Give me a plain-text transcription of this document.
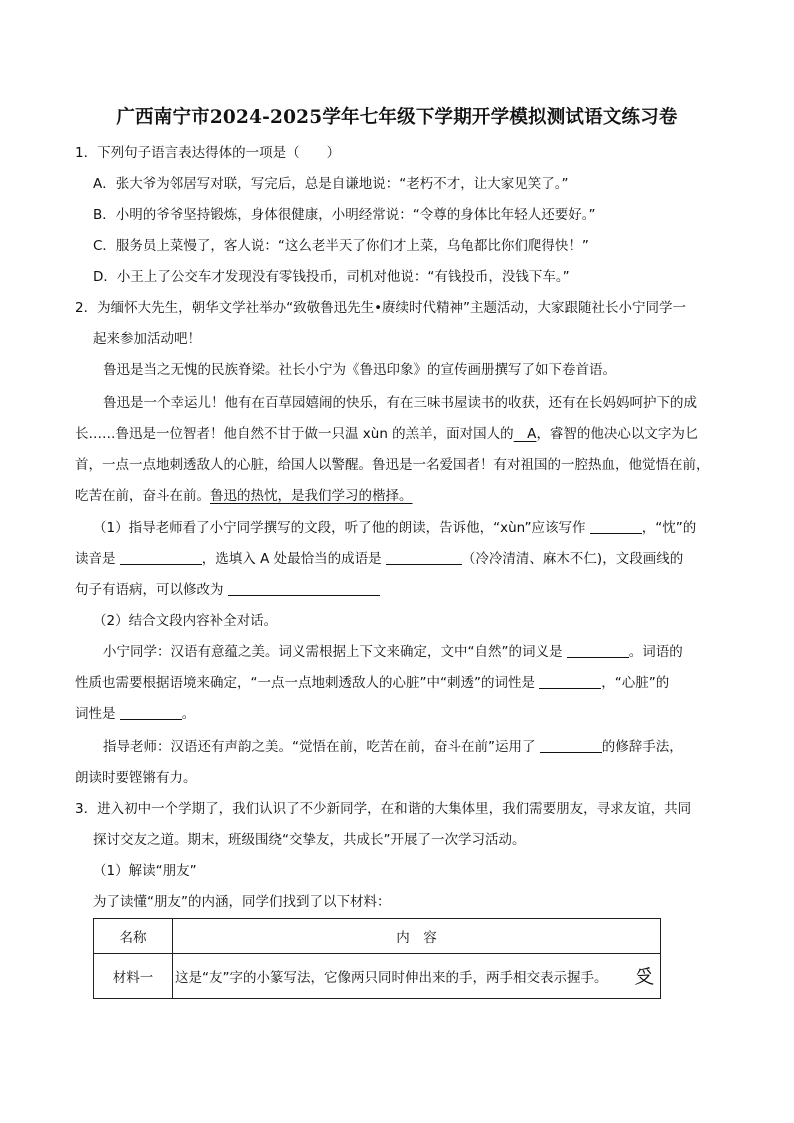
广西南宁市2024-2025学年七年级下学期开学模拟测试语文练习卷
1．下列句子语言表达得体的一项是（　　）
A．张大爷为邻居写对联，写完后，总是自谦地说：“老朽不才，让大家见笑了。”
B．小明的爷爷坚持锻炼，身体很健康，小明经常说：“令尊的身体比年轻人还要好。”
C．服务员上菜慢了，客人说：“这么老半天了你们才上菜，乌龟都比你们爬得快！”
D．小王上了公交车才发现没有零钱投币，司机对他说：“有钱投币，没钱下车。”
2．为缅怀大先生，朝华文学社举办“致敬鲁迅先生•赓续时代精神”主题活动，大家跟随社长小宁同学一
起来参加活动吧！
鲁迅是当之无愧的民族脊梁。社长小宁为《鲁迅印象》的宣传画册撰写了如下卷首语。
鲁迅是一个幸运儿！他有在百草园嬉闹的快乐，有在三味书屋读书的收获，还有在长妈妈呵护下的成
长……鲁迅是一位智者！他自然不甘于做一只温 xùn 的羔羊，面对国人的　A，睿智的他决心以文字为匕
首，一点一点地刺透敌人的心脏，给国人以警醒。鲁迅是一名爱国者！有对祖国的一腔热血，他觉悟在前，
吃苦在前，奋斗在前。鲁迅的热忱，是我们学习的楷择。
（1）指导老师看了小宁同学撰写的文段，听了他的朗读，告诉他，“xùn”应该写作	，“忱”的
读音是	，选填入 A 处最恰当的成语是	（冷冷清清、麻木不仁)，文段画线的
句子有语病，可以修改为
（2）结合文段内容补全对话。
小宁同学：汉语有意蕴之美。词义需根据上下文来确定，文中“自然”的词义是	。词语的
性质也需要根据语境来确定，“一点一点地刺透敌人的心脏”中“刺透”的词性是	，“心脏”的
词性是	。
指导老师：汉语还有声韵之美。“觉悟在前，吃苦在前，奋斗在前”运用了	的修辞手法，
朗读时要铿锵有力。
3．进入初中一个学期了，我们认识了不少新同学，在和谐的大集体里，我们需要朋友，寻求友谊，共同
探讨交友之道。期末，班级围绕“交挚友，共成长”开展了一次学习活动。
（1）解读“朋友”
为了读懂“朋友”的内涵，同学们找到了以下材料：
名称	内　容
材料一	这是“友”字的小篆写法，它像两只同时伸出来的手，两手相交表示握手。 𠬪
